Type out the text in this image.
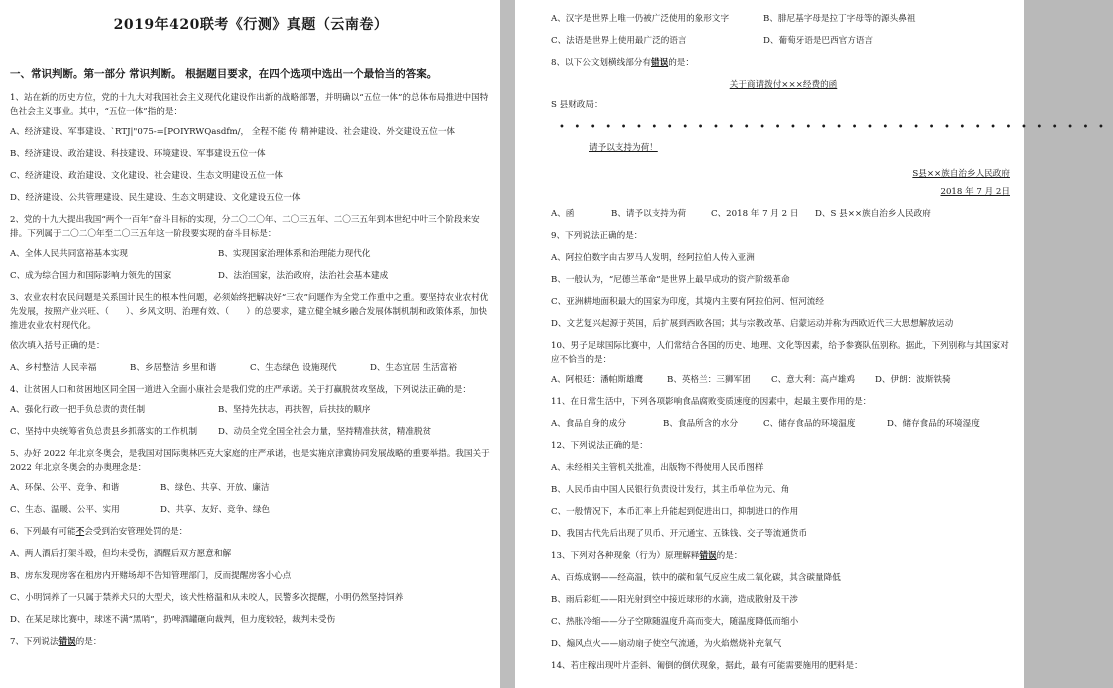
2019年420联考《行测》真题（云南卷）
一、常识判断。第一部分 常识判断。 根据题目要求，在四个选项中选出一个最恰当的答案。
1、站在新的历史方位，党的十九大对我国社会主义现代化建设作出新的战略部署，并明确以“五位一体”的总体布局推进中国特色社会主义事业。其中，“五位一体”指的是：
A、经济建设、军事建设、`RTJ|"075-=[POIYRWQasdfm/， 全程不能 传 精神建设、社会建设、外交建设五位一体
B、经济建设、政治建设、科技建设、环境建设、军事建设五位一体
C、经济建设、政治建设、文化建设、社会建设、生态文明建设五位一体
D、经济建设、公共管理建设、民生建设、生态文明建设、文化建设五位一体
2、党的十九大提出我国“两个一百年”奋斗目标的实现，分二〇二〇年、二〇三五年、二〇三五年到本世纪中叶三个阶段来安排。下列属于二〇二〇年至二〇三五年这一阶段要实现的奋斗目标是：
A、全体人民共同富裕基本实现	B、实现国家治理体系和治理能力现代化
C、成为综合国力和国际影响力领先的国家	D、法治国家，法治政府，法治社会基本建成
3、农业农村农民问题是关系国计民生的根本性问题，必须始终把解决好“三农”问题作为全党工作重中之重。要坚持农业农村优先发展，按照产业兴旺、（　　）、乡风文明、治理有效、（　　）的总要求，建立健全城乡融合发展体制机制和政策体系，加快推进农业农村现代化。
依次填入括号正确的是：
A、乡村整洁 人民幸福	B、乡居整洁 乡里和谐	C、生态绿色 设施现代	D、生态宜居 生活富裕
4、让贫困人口和贫困地区同全国一道进入全面小康社会是我们党的庄严承诺。关于打赢脱贫攻坚战，下列说法正确的是：
A、强化行政一把手负总责的责任制	B、坚持先扶志，再扶智，后扶技的顺序
C、坚持中央统筹省负总责县乡抓落实的工作机制	D、动员全党全国全社会力量，坚持精准扶贫，精准脱贫
5、办好 2022 年北京冬奥会，是我国对国际奥林匹克大家庭的庄严承诺，也是实施京津冀协同发展战略的重要举措。我国关于 2022 年北京冬奥会的办奥理念是：
A、环保、公平、竞争、和谐	B、绿色、共享、开放、廉洁
C、生态、温暖、公平、实用	D、共享、友好、竞争、绿色
6、下列最有可能不会受到治安管理处罚的是：
A、两人酒后打架斗殴，但均未受伤，酒醒后双方愿意和解
B、房东发现房客在租房内开赌场却不告知管理部门，反而提醒房客小心点
C、小明饲养了一只属于禁养犬只的大型犬，该犬性格温和从未咬人，民警多次提醒，小明仍然坚持饲养
D、在某足球比赛中，球迷不满“黑哨”，扔啤酒罐砸向裁判，但力度较轻，裁判未受伤
7、下列说法错误的是：
A、汉字是世界上唯一仍被广泛使用的象形文字	B、腓尼基字母是拉丁字母等的源头鼻祖
C、法语是世界上使用最广泛的语言	D、葡萄牙语是巴西官方语言
8、以下公文划横线部分有错误的是：
关于商请拨付×××经费的函
S 县财政局：
••••••••••••••••••••••••••••••••••••
请予以支持为荷！
S县××族自治乡人民政府
2018 年 7 月 2日
A、函	B、请予以支持为荷	C、2018 年 7 月 2 日	D、S 县××族自治乡人民政府
9、下列说法正确的是：
A、阿拉伯数字由古罗马人发明，经阿拉伯人传入亚洲
B、一般认为，“尼德兰革命”是世界上最早成功的资产阶级革命
C、亚洲耕地面积最大的国家为印度，其境内主要有阿拉伯河、恒河流经
D、文艺复兴起源于英国，后扩展到西欧各国；其与宗教改革、启蒙运动并称为西欧近代三大思想解放运动
10、男子足球国际比赛中，人们常结合各国的历史、地理、文化等因素，给予参赛队伍别称。据此，下列别称与其国家对应不恰当的是：
A、阿根廷：潘帕斯雄鹰	B、英格兰：三狮军团	C、意大利：高卢雄鸡	D、伊朗：波斯铁骑
11、在日常生活中，下列各项影响食品腐败变质速度的因素中，起最主要作用的是：
A、食品自身的成分	B、食品所含的水分	C、储存食品的环境温度	D、储存食品的环境湿度
12、下列说法正确的是：
A、未经相关主管机关批准，出版物不得使用人民币图样
B、人民币由中国人民银行负责设计发行，其主币单位为元、角
C、一般情况下，本币汇率上升能起到促进出口，抑制进口的作用
D、我国古代先后出现了贝币、开元通宝、五铢钱、交子等流通货币
13、下列对各种现象（行为）原理解释错误的是：
A、百炼成钢——经高温，铁中的碳和氧气反应生成二氧化碳，其含碳量降低
B、雨后彩虹——阳光射到空中接近球形的水滴，造成散射及干涉
C、热胀冷缩——分子空隙随温度升高而变大，随温度降低而缩小
D、煽风点火——扇动扇子使空气流通，为火焰燃烧补充氧气
14、若庄稼出现叶片歪斜、匍倒的倒伏现象，据此，最有可能需要施用的肥料是：
